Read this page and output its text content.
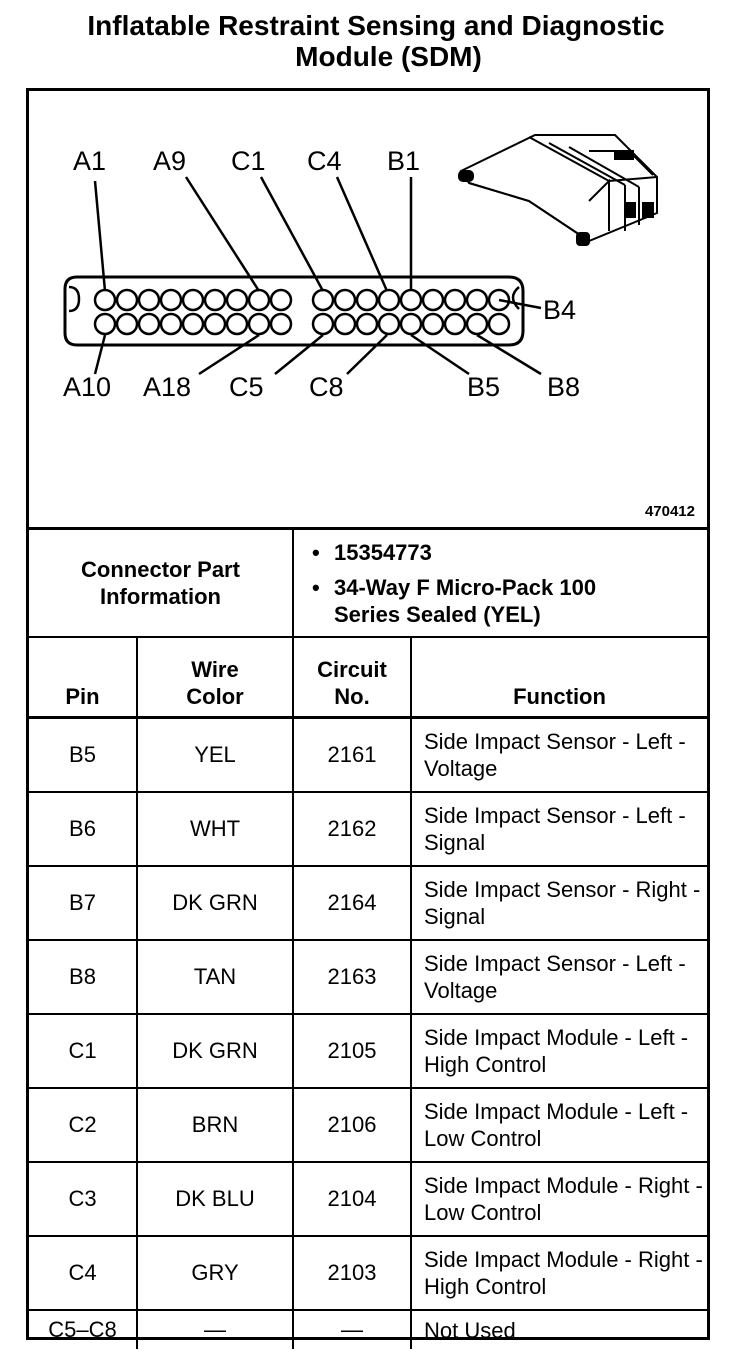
Inflatable Restraint Sensing and Diagnostic
Module (SDM)
A1 A9 C1 C4 B1
B4
A10 A18 C5 C8	B5 B8
470412
Connector Part Information		• 15354773
• 34-Way F Micro-Pack 100 Series Sealed (YEL)	

Pin	Wire Color	Circuit No.	Function
B5	YEL	2161	Side Impact Sensor - Left - Voltage
B6	WHT	2162	Side Impact Sensor - Left - Signal
B7	DK GRN	2164	Side Impact Sensor - Right - Signal
B8	TAN	2163	Side Impact Sensor - Left - Voltage
C1	DK GRN	2105	Side Impact Module - Left - High Control
C2	BRN	2106	Side Impact Module - Left - Low Control
C3	DK BLU	2104	Side Impact Module - Right - Low Control
C4	GRY	2103	Side Impact Module - Right - High Control
C5–C8	—	—	Not Used
